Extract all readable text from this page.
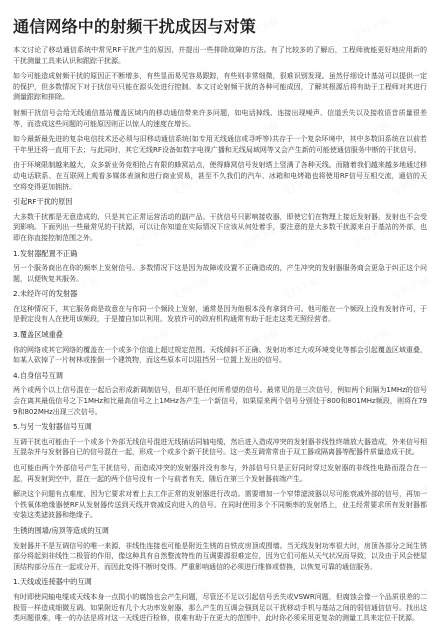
通信网络中的射频干扰成因与对策

本文讨论了移动通信系统中常见RF干扰产生的原因，并提出一些排除故障的方法。有了比较多的了解后，工程师就能更好地应用新的干扰测量工具来认识和跟踪干扰源。

如今可能造成射频干扰的原因正不断增多，有些显而易见容易跟踪，有些则非常细微，很难识别发现。虽然仔细设计基站可以提供一定的保护，但多数情况下对于扰信号只能在源头处进行控制。本文讨论射频干扰的各种可能成因，了解其根源后将有助于工程师对其进行测量跟踪和排除。

射频干扰信号会给无线通信基站覆盖区域内的移动通信带来许多问题，如电话掉线、连接出现噪声、信道丢失以及接收语音质量很差等，而造成这些问题的可能原因则正以惊人的速度在增长。

如今最新最先进的复杂电信技术还必须与旧移动通信系统(如专用无线通信或寻呼等)共存于一个复杂环境中，其中多数旧系统在以前若干年里还将一直用下去；与此同时，其它无线RF设备如数字电视广播和无线局域网等又会产生新的可能使通信服务中断的干扰信号。

由于环境限制越来越大，众多新业务竞相抢占有限的蜂窝站点，使得蜂窝信号发射塔上竖满了各种天线。而随着我们越来越多地通过移动电话联系、在互联网上观看多媒体表演和进行商业贸易，甚至不久我们的汽车、冰箱和电烤箱也将使用RF信号互相交流，通信的天空将变得更加拥挤。

引起RF干扰的原因

大多数干扰都是无意造成的，只是其它正常运营活动的副产品。干扰信号只影响接收器，即使它们在物理上接近发射器，发射也不会受到影响。下面列出一些最常见的干扰源，可以让你知道在实际情况下应该从何处着手，要注意的是大多数干扰源来自于基站的外部，也即在你直接控制范围之外。

1.发射器配置不正确

另一个服务商出在你的频率上发射信号。多数情况下这是因为故障或设置不正确造成的，产生冲突的发射器服务商会更急于纠正这个问题，以便恢复其服务。

2.未经许可的发射器

在这种情况下，其它服务商是故意在与你同一个频段上发射，通常是因为他根本没有拿到许可。他可能在一个频段上没有发射许可，于是假定没有人在使用该频段，于是擅自加以利用。发放许可的政府机构通常有助于赶走这类无照经营者。

3.覆盖区域重叠

你的网络或其它网络的覆盖在一个或多个信道上超过规定范围。天线倾斜不正确、发射功率过大或环境变化等都会引起覆盖区域重叠，如某人砍掉了一片树林或推倒一个建筑物，而这些原本可以阻挡另一位置上发出的信号。

4.自身信号互调

两个或两个以上信号混在一起后会形成新调制信号，但却不是任何所希望的信号。最常见的是三次信号，例如两个间隔为1MHz的信号会在离其最低信号之下1MHz和比最高信号之上1MHz各产生一个新信号，如果原来两个信号分别处于800和801MHz频段，则将在799和802MHz出现三次信号。

5.与另一发射器信号互调

互调干扰也可能由于一个或多个外部无线信号混进无线插话同轴电缆，然后进入造成冲突的发射器非线性终端放大器造成，外来信号相互混杂并与发射器自已的信号混在一起，形成一个或多个新干扰信号。这一类互调常常由于双工器或隔离器等配器件质量造成干扰。

也可能由两个外部信号产生干扰信号，而造成冲突的发射器并没有参与，外部信号只是正好同时穿过发射器的非线性电路而混合在一起，再发射到空中，混在一起的两个信号没有一个与前者有关，随后在第三个发射器前端产生。

解决这个问题有点难度，因为它要求对着上去工作正常的发射器进行改动。需要增加一个窄带滤波器以尽可能衰减外部的信号，再加一个铁氧体绝缘器使RF从发射器传送到天线并衰减反向进入的信号。在同时使用多个不同频率的发射塔上，业主经常要求所有发射器都安装这类滤波器和绝缘子。

生锈的围墙/房顶等造成的互调

发射器并不是互调信号的唯一来源，非线性连接也可能是附近生锈的自铁皮房顶或围墙。当无线发射功率很大时，房顶各部分之间生锈部分将起到非线性二极管的作用，像这种具有自然整流特性的互调要源很难定位，因为它们可能从天气状况而导致，以及由于风会使屋顶结构部分压在一起或分开，而因此变得不断时变得。严重影响通信的必须进行维修或替换，以恢复可靠的通信服务。

1.天线或连接器中的互调

有时即使同轴电缆或天线本身一点损小的腐蚀也会产生问题，尽管还不足以引起信号丢失或VSWR问题，但腐蚀会像一个品质很差的二极管一样造成细微互调。如果附近有几个大功率发射器，那么产生的互调会强到足以干扰移动手机与基站之间的弱信通信信号。找出这类问题很难，唯一的办法是将对这一天线进行检修，很难有助于在更大的范围中，此时你必须采用更复杂的测量工具来定位干扰源。
